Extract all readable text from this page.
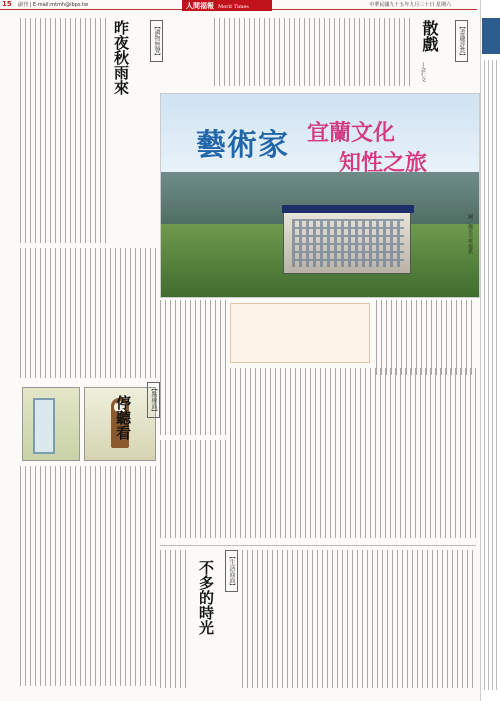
15 副刊 | E-mail:mtmh@ibps.tw	人間福報 Merit Times	中華民國九十五年九月三十日 星期六
【書趣評賞】
散戲
—念仁文
【調物無聲】
昨夜秋雨來
藝術家 宜蘭文化
知性之旅
圖／佛光大學提供
【點線面】
停聽看
【生活面面】
不多的時光
